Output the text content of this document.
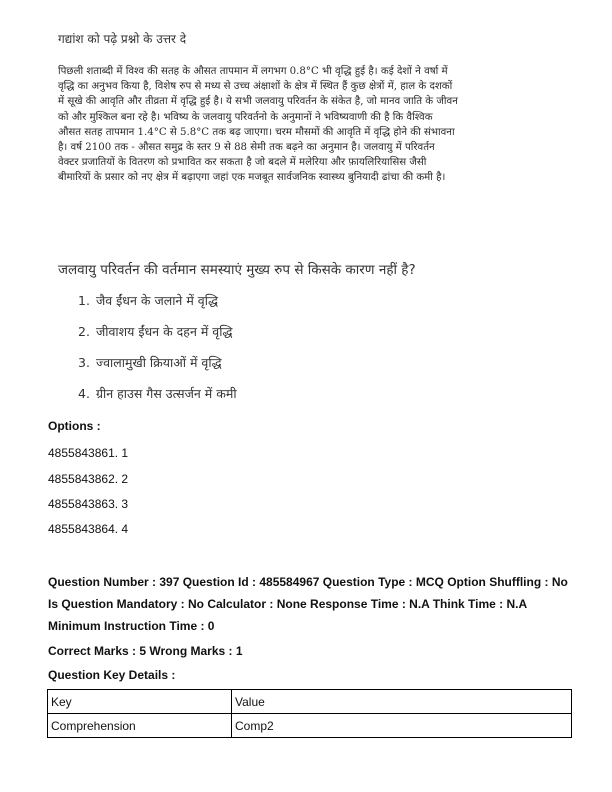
गद्यांश को पढ़े प्रश्नो के उत्तर दे
पिछली शताब्दी में विश्व की सतह के औसत तापमान में लगभग 0.8°C भी वृद्धि हुई है। कई देशों ने वर्षा में वृद्धि का अनुभव किया है, विशेष रुप से मध्य से उच्च अंक्षाशों के क्षेत्र में स्थित हैं कुछ क्षेत्रों में, हाल के दशकों में सूखे की आवृति और तीव्रता में वृद्धि हुई है। ये सभी जलवायु परिवर्तन के संकेत है, जो मानव जाति के जीवन को और मुश्किल बना रहे है। भविष्य के जलवायु परिवर्तनो के अनुमानों ने भविष्यवाणी की है कि वैश्विक औसत सतह तापमान 1.4°C से 5.8°C तक बढ़ जाएगा। चरम मौसमों की आवृति में वृद्धि होने की संभावना है। वर्ष 2100 तक - औसत समुद्र के स्तर 9 से 88 सेमी तक बढ़ने का अनुमान है। जलवायु में परिवर्तन वेक्टर प्रजातियों के वितरण को प्रभावित कर सकता है जो बदले में मलेरिया और फ़ायलिरियासिस जैसी बीमारियों के प्रसार को नए क्षेत्र में बढ़ाएगा जहां एक मजबूत सार्वजनिक स्वास्थ्य बुनियादी ढांचा की कमी है।
जलवायु परिवर्तन की वर्तमान समस्याएं मुख्य रुप से किसके कारण नहीं है?
1. जैव ईंधन के जलाने में वृद्धि
2. जीवाशय ईंधन के दहन में वृद्धि
3. ज्वालामुखी क्रियाओं में वृद्धि
4. ग्रीन हाउस गैस उत्सर्जन में कमी
Options :
4855843861. 1
4855843862. 2
4855843863. 3
4855843864. 4
Question Number : 397 Question Id : 485584967 Question Type : MCQ Option Shuffling : No Is Question Mandatory : No Calculator : None Response Time : N.A Think Time : N.A Minimum Instruction Time : 0
Correct Marks : 5 Wrong Marks : 1
Question Key Details :
Key	Value
Comprehension	Comp2
